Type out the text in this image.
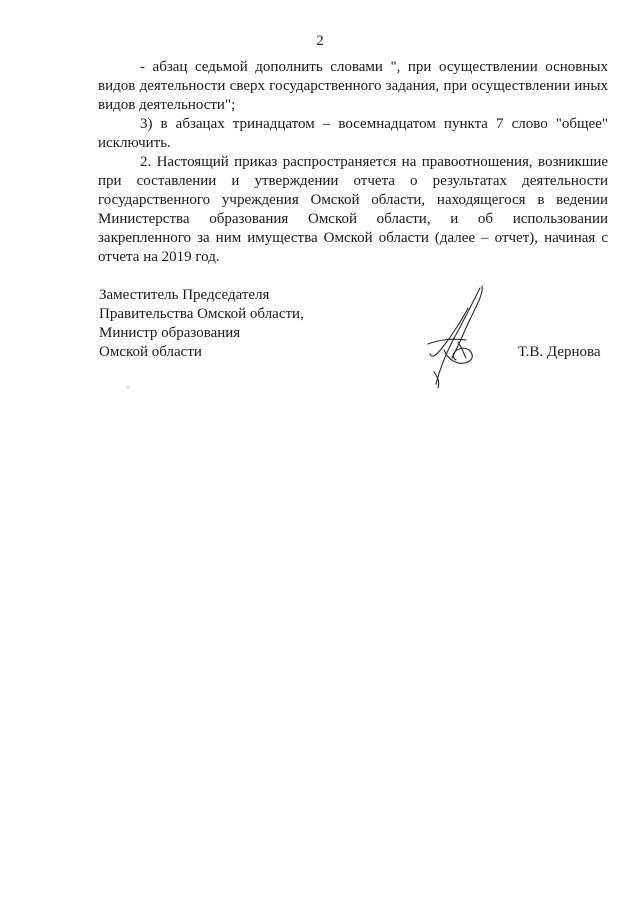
2

- абзац седьмой дополнить словами ", при осуществлении основных видов деятельности сверх государственного задания, при осуществлении иных видов деятельности";

3) в абзацах тринадцатом – восемнадцатом пункта 7 слово "общее" исключить.

2. Настоящий приказ распространяется на правоотношения, возникшие при составлении и утверждении отчета о результатах деятельности государственного учреждения Омской области, находящегося в ведении Министерства образования Омской области, и об использовании закрепленного за ним имущества Омской области (далее – отчет), начиная с отчета на 2019 год.

Заместитель Председателя
Правительства Омской области,
Министр образования
Омской области	Т.В. Дернова
